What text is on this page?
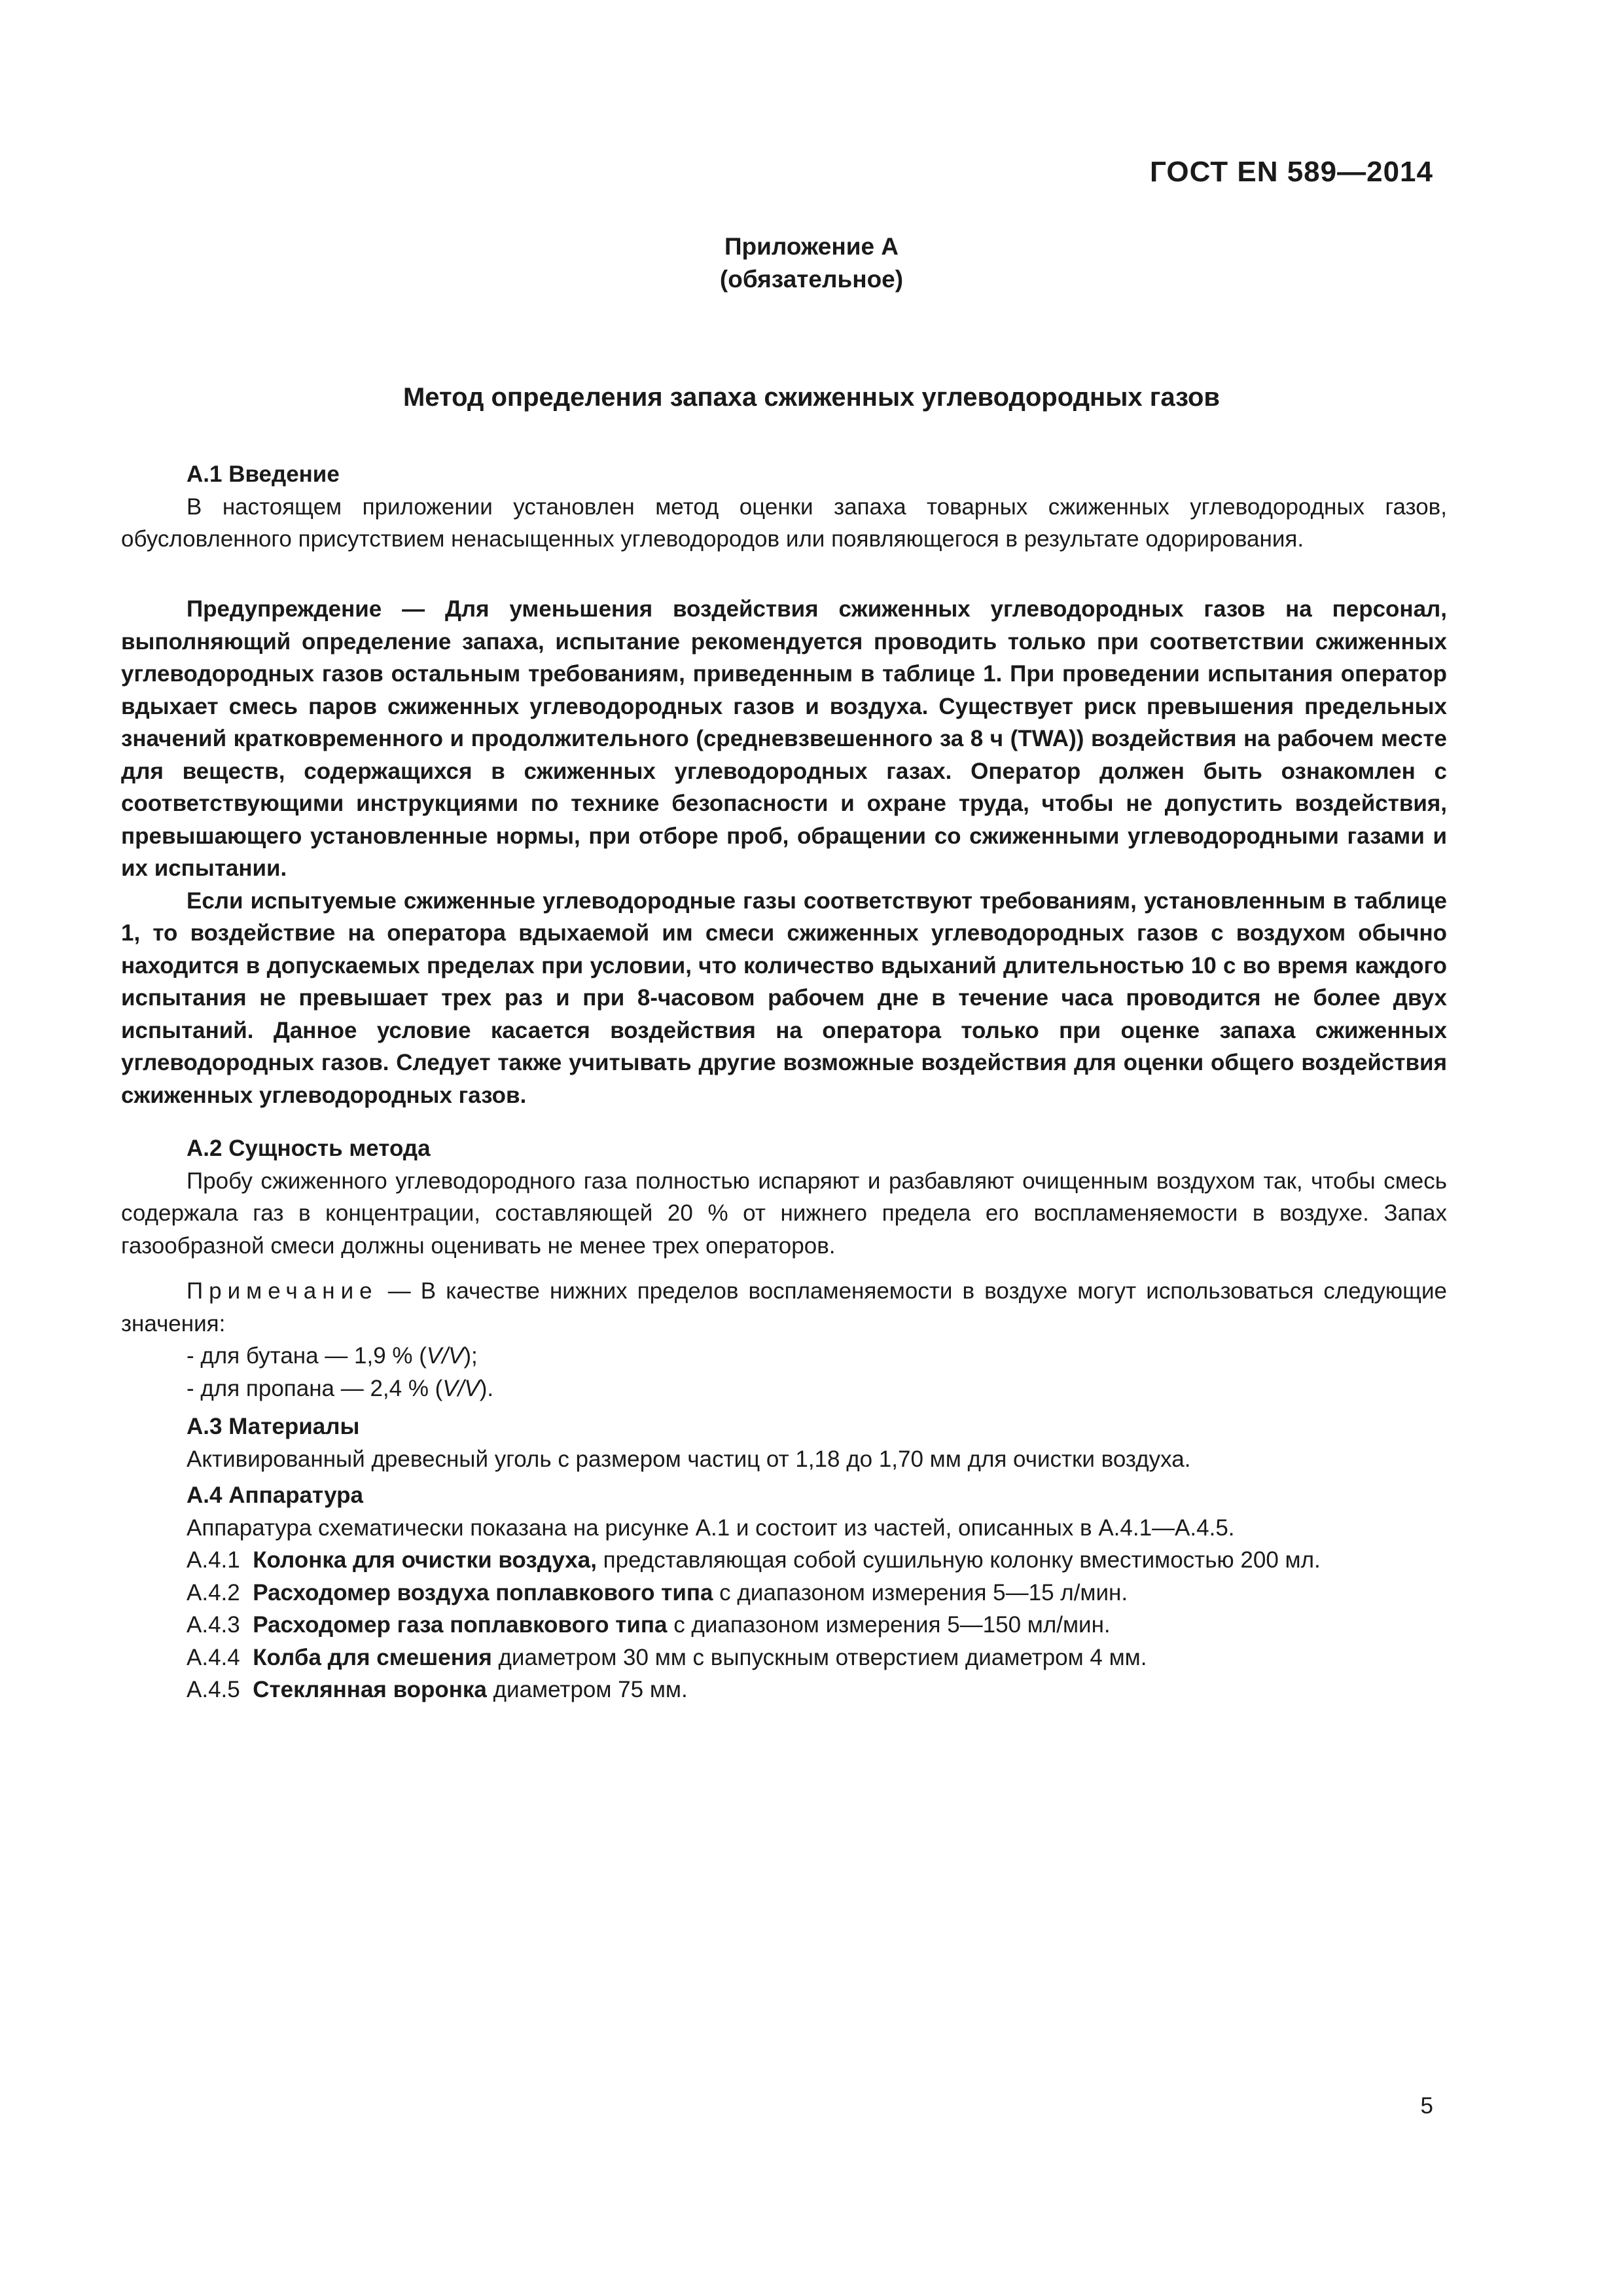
ГОСТ EN 589—2014
Приложение А
(обязательное)
Метод определения запаха сжиженных углеводородных газов
А.1 Введение

В настоящем приложении установлен метод оценки запаха товарных сжиженных углеводородных газов, обусловленного присутствием ненасыщенных углеводородов или появляющегося в результате одорирования.

Предупреждение — Для уменьшения воздействия сжиженных углеводородных газов на персонал, выполняющий определение запаха, испытание рекомендуется проводить только при соответствии сжиженных углеводородных газов остальным требованиям, приведенным в таблице 1. При проведении испытания оператор вдыхает смесь паров сжиженных углеводородных газов и воздуха. Существует риск превышения предельных значений кратковременного и продолжительного (средневзвешенного за 8 ч (TWA)) воздействия на рабочем месте для веществ, содержащихся в сжиженных углеводородных газах. Оператор должен быть ознакомлен с соответствующими инструкциями по технике безопасности и охране труда, чтобы не допустить воздействия, превышающего установленные нормы, при отборе проб, обращении со сжиженными углеводородными газами и их испытании.

Если испытуемые сжиженные углеводородные газы соответствуют требованиям, установленным в таблице 1, то воздействие на оператора вдыхаемой им смеси сжиженных углеводородных газов с воздухом обычно находится в допускаемых пределах при условии, что количество вдыханий длительностью 10 с во время каждого испытания не превышает трех раз и при 8-часовом рабочем дне в течение часа проводится не более двух испытаний. Данное условие касается воздействия на оператора только при оценке запаха сжиженных углеводородных газов. Следует также учитывать другие возможные воздействия для оценки общего воздействия сжиженных углеводородных газов.

А.2 Сущность метода

Пробу сжиженного углеводородного газа полностью испаряют и разбавляют очищенным воздухом так, чтобы смесь содержала газ в концентрации, составляющей 20 % от нижнего предела его воспламеняемости в воздухе. Запах газообразной смеси должны оценивать не менее трех операторов.

Примечание — В качестве нижних пределов воспламеняемости в воздухе могут использоваться следующие значения:

- для бутана — 1,9 % (V/V);
- для пропана — 2,4 % (V/V).
А.3 Материалы
Активированный древесный уголь с размером частиц от 1,18 до 1,70 мм для очистки воздуха.
А.4 Аппаратура
Аппаратура схематически показана на рисунке А.1 и состоит из частей, описанных в А.4.1—А.4.5.
А.4.1 Колонка для очистки воздуха, представляющая собой сушильную колонку вместимостью 200 мл.
А.4.2 Расходомер воздуха поплавкового типа с диапазоном измерения 5—15 л/мин.
А.4.3 Расходомер газа поплавкового типа с диапазоном измерения 5—150 мл/мин.
А.4.4 Колба для смешения диаметром 30 мм с выпускным отверстием диаметром 4 мм.
А.4.5 Стеклянная воронка диаметром 75 мм.
5
